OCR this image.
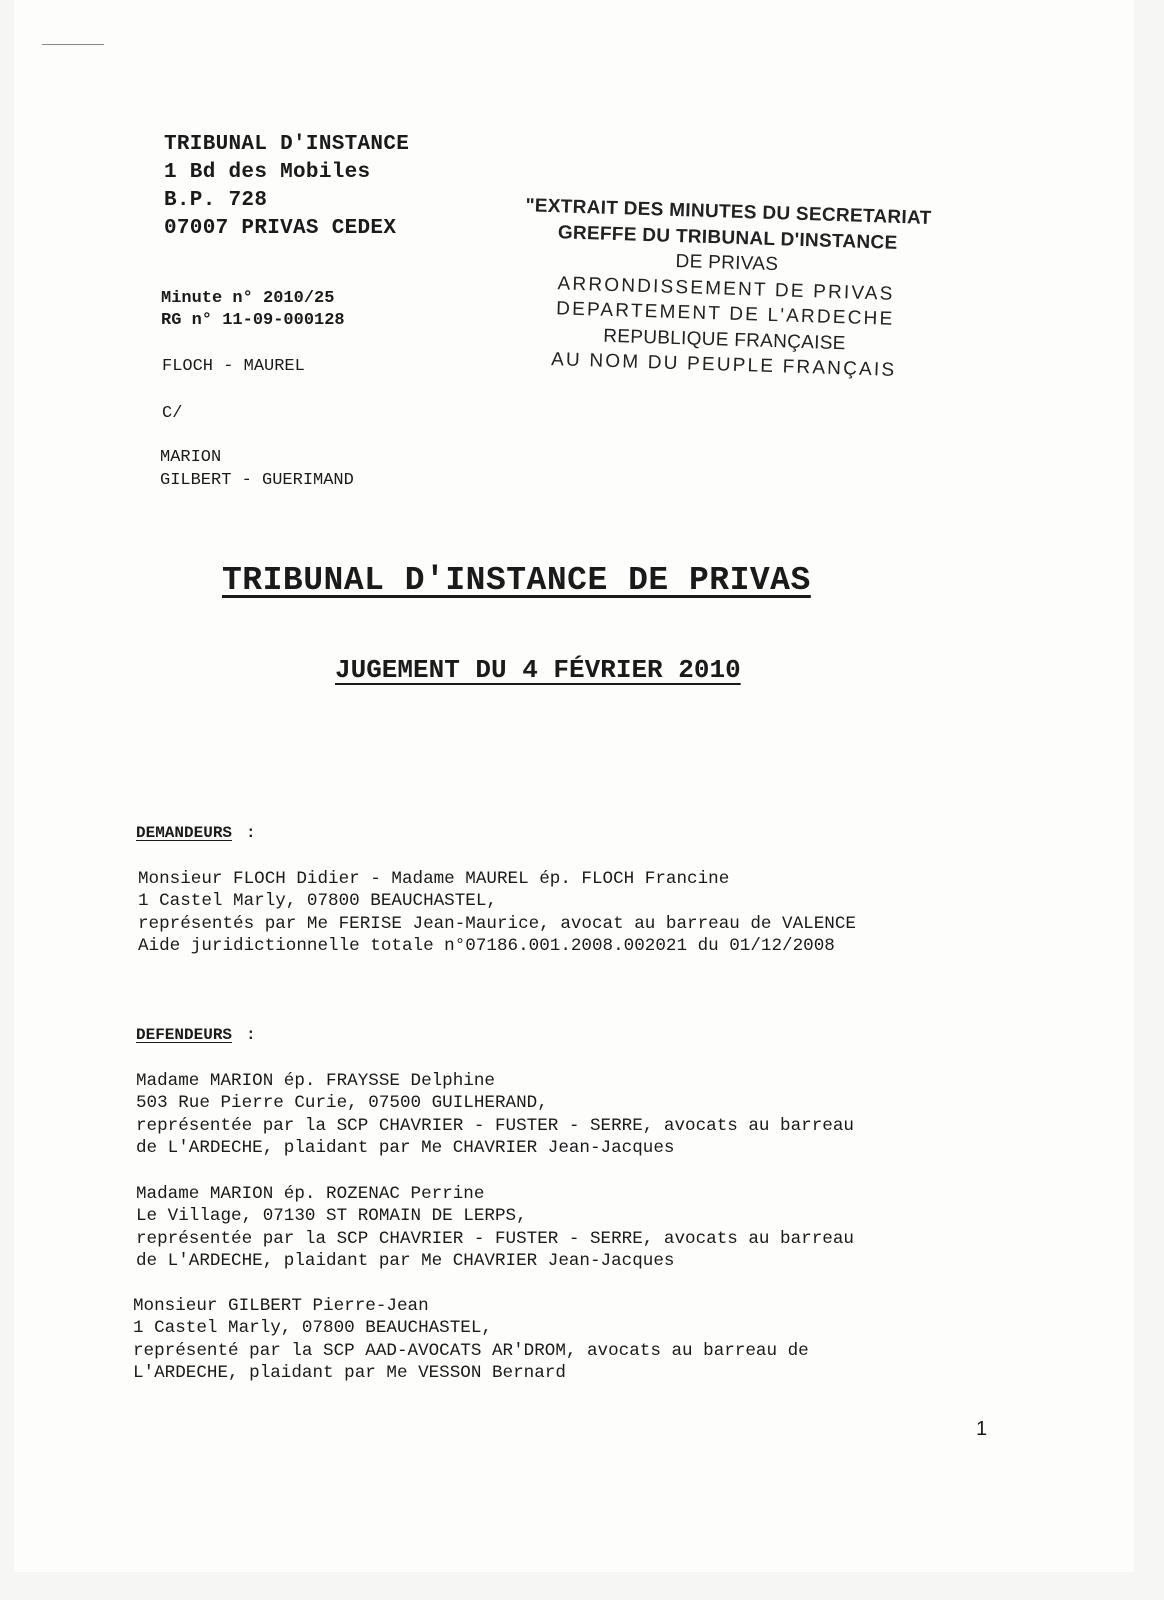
TRIBUNAL D'INSTANCE
1 Bd des Mobiles
B.P. 728
07007 PRIVAS CEDEX
Minute n° 2010/25
RG n° 11-09-000128
FLOCH - MAUREL
C/
MARION
GILBERT - GUERIMAND
"EXTRAIT DES MINUTES DU SECRETARIAT
GREFFE DU TRIBUNAL D'INSTANCE
DE PRIVAS
ARRONDISSEMENT DE PRIVAS
DEPARTEMENT DE L'ARDECHE
REPUBLIQUE FRANÇAISE
AU NOM DU PEUPLE FRANÇAIS
TRIBUNAL D'INSTANCE DE PRIVAS
JUGEMENT DU 4 FÉVRIER 2010
DEMANDEURS :
Monsieur FLOCH Didier - Madame MAUREL ép. FLOCH Francine
1 Castel Marly, 07800 BEAUCHASTEL,
représentés par Me FERISE Jean-Maurice, avocat au barreau de VALENCE
Aide juridictionnelle totale n°07186.001.2008.002021 du 01/12/2008
DEFENDEURS :
Madame MARION ép. FRAYSSE Delphine
503 Rue Pierre Curie, 07500 GUILHERAND,
représentée par la SCP CHAVRIER - FUSTER - SERRE, avocats au barreau
de L'ARDECHE, plaidant par Me CHAVRIER Jean-Jacques
Madame MARION ép. ROZENAC Perrine
Le Village, 07130 ST ROMAIN DE LERPS,
représentée par la SCP CHAVRIER - FUSTER - SERRE, avocats au barreau
de L'ARDECHE, plaidant par Me CHAVRIER Jean-Jacques
Monsieur GILBERT Pierre-Jean
1 Castel Marly, 07800 BEAUCHASTEL,
représenté par la SCP AAD-AVOCATS AR'DROM, avocats au barreau de
L'ARDECHE, plaidant par Me VESSON Bernard
1
